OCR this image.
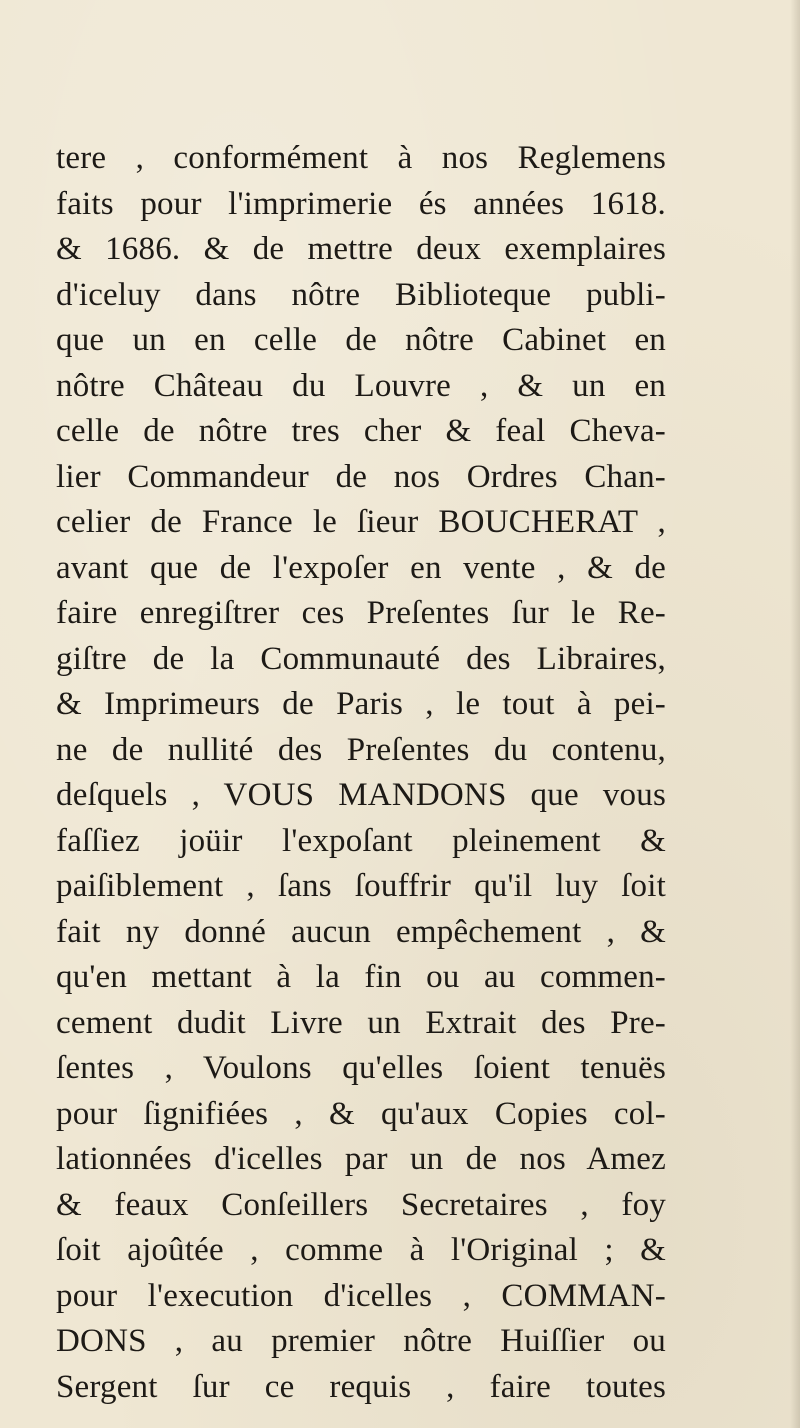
tere , conformément à nos Reglemens
faits pour l'imprimerie és années 1618.
& 1686. & de mettre deux exemplaires
d'iceluy dans nôtre Biblioteque publi-
que un en celle de nôtre Cabinet en
nôtre Château du Louvre , & un en
celle de nôtre tres cher & feal Cheva-
lier Commandeur de nos Ordres Chan-
celier de France le ſieur BOUCHERAT ,
avant que de l'expoſer en vente , & de
faire enregiſtrer ces Preſentes ſur le Re-
giſtre de la Communauté des Libraires,
& Imprimeurs de Paris , le tout à pei-
ne de nullité des Preſentes du contenu,
deſquels , VOUS MANDONS que vous
faſſiez joüir l'expoſant pleinement &
paiſiblement , ſans ſouffrir qu'il luy ſoit
fait ny donné aucun empêchement , &
qu'en mettant à la fin ou au commen-
cement dudit Livre un Extrait des Pre-
ſentes , Voulons qu'elles ſoient tenuës
pour ſignifiées , & qu'aux Copies col-
lationnées d'icelles par un de nos Amez
& feaux Conſeillers Secretaires , foy
ſoit ajoûtée , comme à l'Original ; &
pour l'execution d'icelles , COMMAN-
DONS , au premier nôtre Huiſſier ou
Sergent ſur ce requis , faire toutes
